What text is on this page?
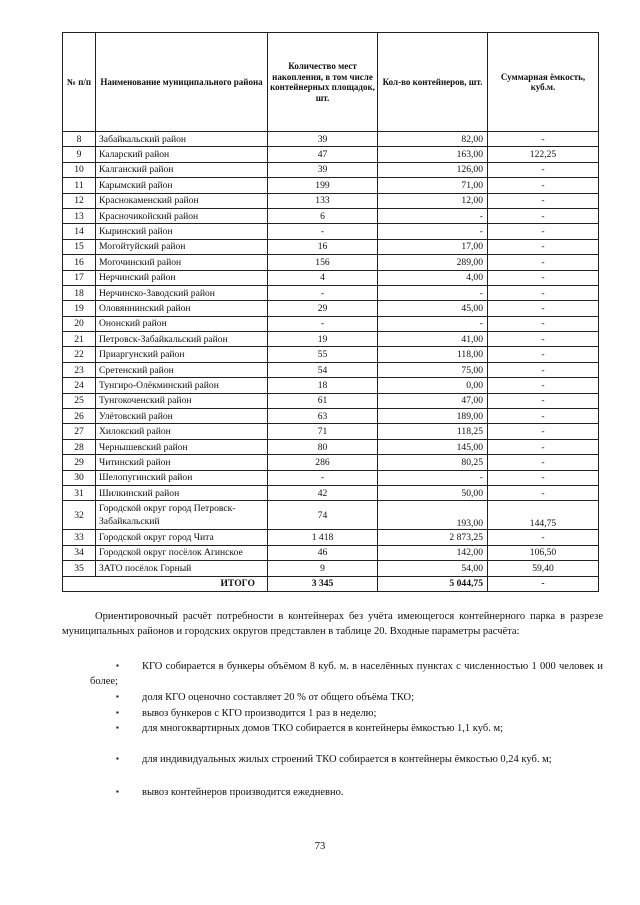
№ п/п	Наименование муниципального района	Количество мест накопления, в том числе контейнерных площадок, шт.	Кол-во контейнеров, шт.	Суммарная ёмкость, куб.м.
8	Забайкальский район	39	82,00	-
9	Каларский район	47	163,00	122,25
10	Калганский район	39	126,00	-
11	Карымский район	199	71,00	-
12	Краснокаменский район	133	12,00	-
13	Красночикойский район	6	-	-
14	Кыринский район	-	-	-
15	Могойтуйский район	16	17,00	-
16	Могочинский район	156	289,00	-
17	Нерчинский район	4	4,00	-
18	Нерчинско-Заводский район	-	-	-
19	Оловяннинский район	29	45,00	-
20	Ононский район	-	-	-
21	Петровск-Забайкальский район	19	41,00	-
22	Приаргунский район	55	118,00	-
23	Сретенский район	54	75,00	-
24	Тунгиро-Олёкминский район	18	0,00	-
25	Тунгокоченский район	61	47,00	-
26	Улётовский район	63	189,00	-
27	Хилокский район	71	118,25	-
28	Чернышевский район	80	145,00	-
29	Читинский район	286	80,25	-
30	Шелопугинский район	-	-	-
31	Шилкинский район	42	50,00	-
32	Городской округ город Петровск-Забайкальский	74	193,00	144,75
33	Городской округ город Чита	1 418	2 873,25	-
34	Городской округ посёлок Агинское	46	142,00	106,50
35	ЗАТО посёлок Горный	9	54,00	59,40
ИТОГО		3 345	5 044,75	-
Ориентировочный расчёт потребности в контейнерах без учёта имеющегося контейнерного парка в разрезе муниципальных районов и городских округов представлен в таблице 20. Входные параметры расчёта:
▪	КГО собирается в бункеры объёмом 8 куб. м. в населённых пунктах с численностью 1 000 человек и более;
▪	доля КГО оценочно составляет 20 % от общего объёма ТКО;
▪	вывоз бункеров с КГО производится 1 раз в неделю;
▪	для многоквартирных домов ТКО собирается в контейнеры ёмкостью 1,1 куб. м;
▪	для индивидуальных жилых строений ТКО собирается в контейнеры ёмкостью 0,24 куб. м;
▪	вывоз контейнеров производится ежедневно.
73
